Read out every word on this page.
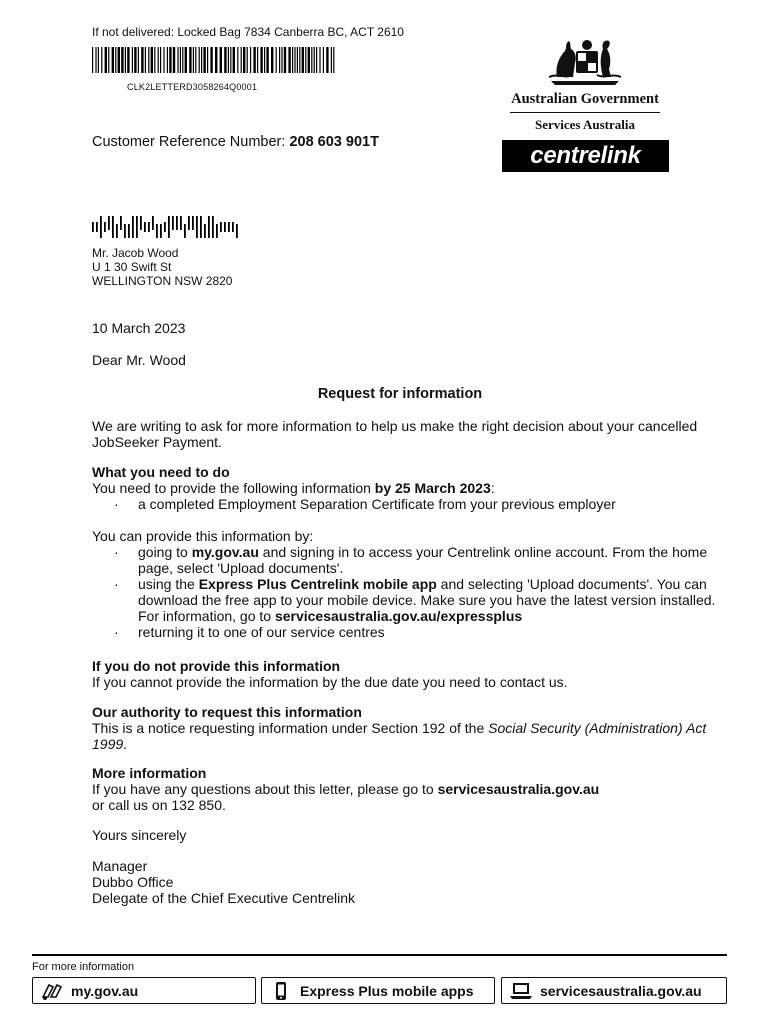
If not delivered: Locked Bag 7834 Canberra BC, ACT 2610
CLK2LETTERD3058264Q0001
Australian Government
Services Australia
centrelink
Customer Reference Number: 208 603 901T
Mr. Jacob Wood
U 1 30 Swift St
WELLINGTON NSW 2820
10 March 2023
Dear Mr. Wood
Request for information
We are writing to ask for more information to help us make the right decision about your cancelled JobSeeker Payment.

What you need to do

You need to provide the following information by 25 March 2023:

· a completed Employment Separation Certificate from your previous employer

You can provide this information by:

· going to my.gov.au and signing in to access your Centrelink online account. From the home page, select 'Upload documents'.
· using the Express Plus Centrelink mobile app and selecting 'Upload documents'. You can download the free app to your mobile device. Make sure you have the latest version installed. For information, go to servicesaustralia.gov.au/expressplus
· returning it to one of our service centres

If you do not provide this information

If you cannot provide the information by the due date you need to contact us.

Our authority to request this information

This is a notice requesting information under Section 192 of the Social Security (Administration) Act 1999.

More information

If you have any questions about this letter, please go to servicesaustralia.gov.au

or call us on 132 850.

Yours sincerely

Manager

Dubbo Office

Delegate of the Chief Executive Centrelink

For more information
my.gov.au	Express Plus mobile apps	servicesaustralia.gov.au
